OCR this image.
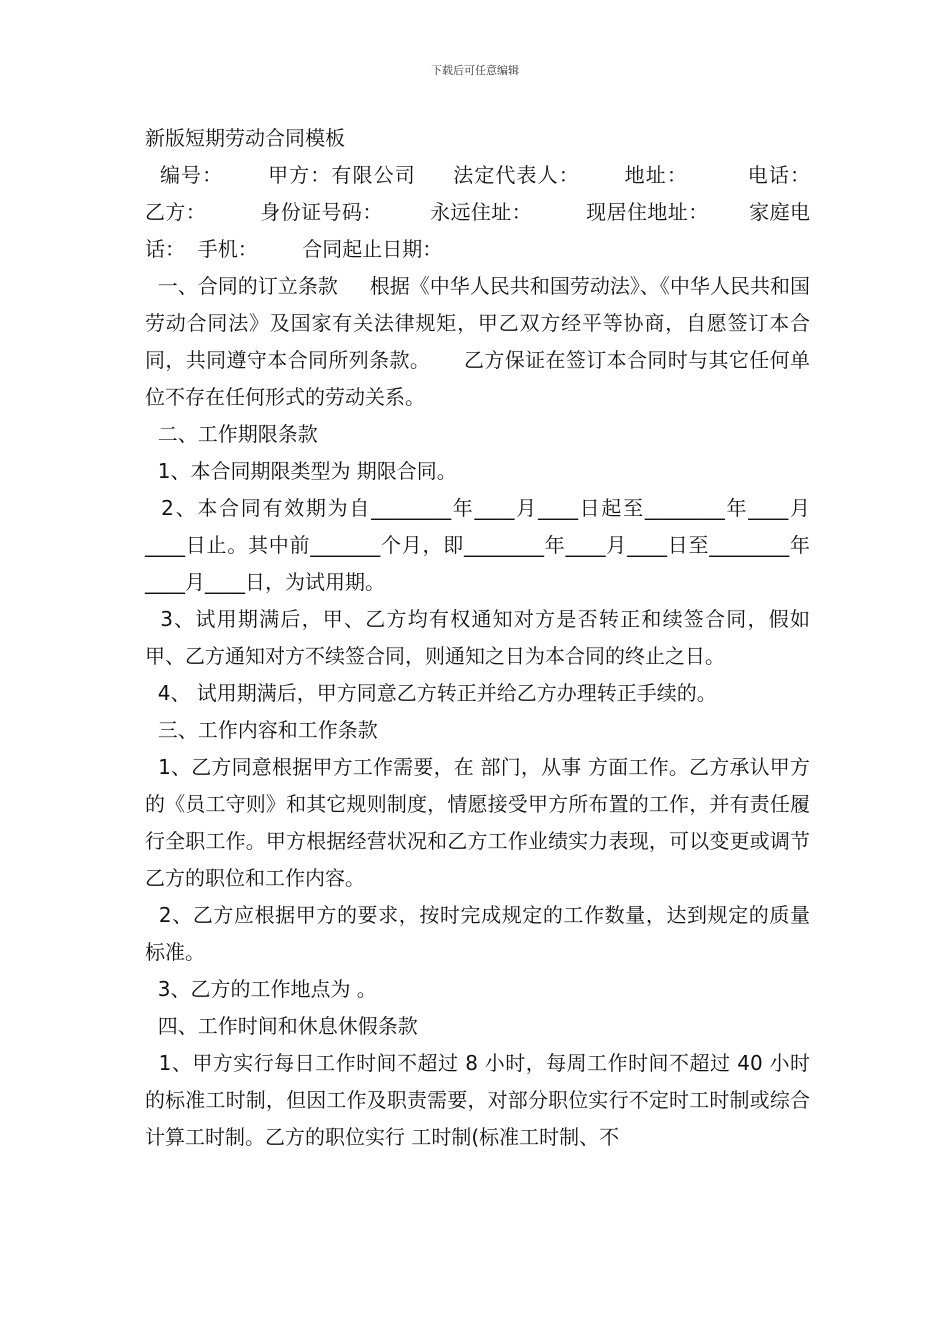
下载后可任意编辑

新版短期劳动合同模板

编号：      甲方：有限公司     法定代表人：      地址：        电话：       乙方：        身份证号码：       永远住址：        现居住地址：      家庭电话：  手机：       合同起止日期：

一、合同的订立条款     根据《中华人民共和国劳动法》、《中华人民共和国劳动合同法》及国家有关法律规矩，甲乙双方经平等协商，自愿签订本合同，共同遵守本合同所列条款。     乙方保证在签订本合同时与其它任何单位不存在任何形式的劳动关系。

二、工作期限条款

1、本合同期限类型为 期限合同。

2、本合同有效期为自________年____月____日起至________年____月____日止。其中前_______个月，即________年____月____日至________年____月____日，为试用期。

3、试用期满后，甲、乙方均有权通知对方是否转正和续签合同，假如甲、乙方通知对方不续签合同，则通知之日为本合同的终止之日。

4、 试用期满后，甲方同意乙方转正并给乙方办理转正手续的。

三、工作内容和工作条款

1、乙方同意根据甲方工作需要，在 部门，从事 方面工作。乙方承认甲方的《员工守则》和其它规则制度，情愿接受甲方所布置的工作，并有责任履行全职工作。甲方根据经营状况和乙方工作业绩实力表现，可以变更或调节乙方的职位和工作内容。

2、乙方应根据甲方的要求，按时完成规定的工作数量，达到规定的质量标准。

3、乙方的工作地点为 。

四、工作时间和休息休假条款

1、甲方实行每日工作时间不超过 8 小时，每周工作时间不超过 40 小时的标准工时制，但因工作及职责需要，对部分职位实行不定时工时制或综合计算工时制。乙方的职位实行 工时制(标准工时制、不
